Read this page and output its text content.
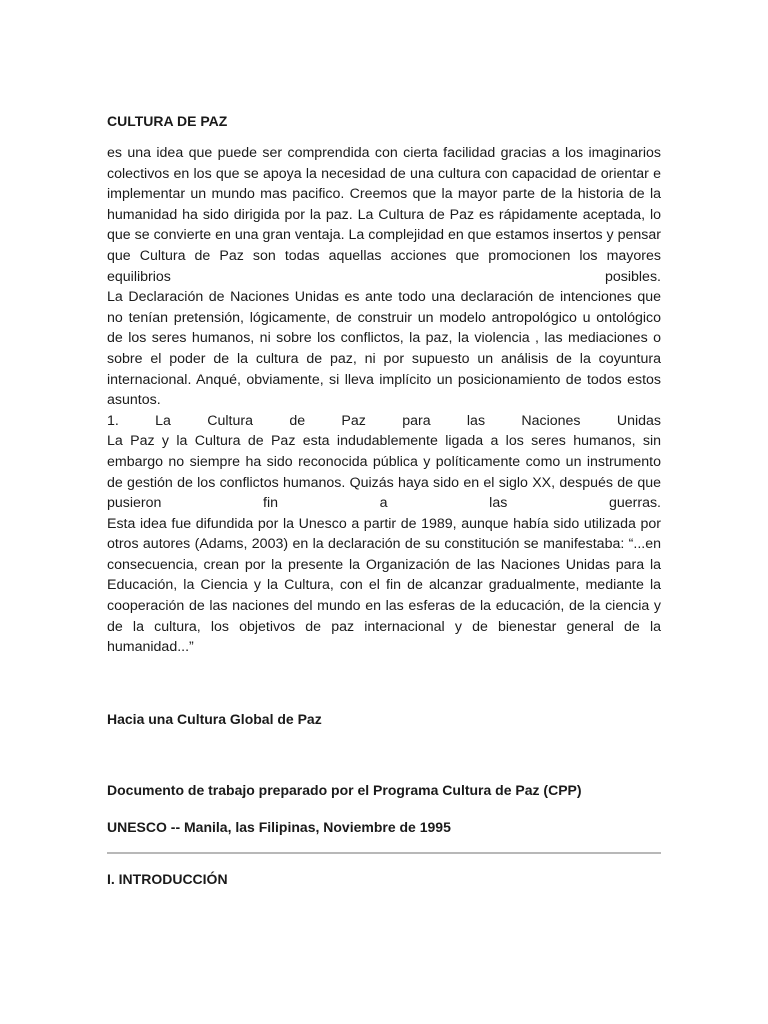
CULTURA DE PAZ
es una idea que puede ser comprendida con cierta facilidad gracias a los imaginarios colectivos en los que se apoya la necesidad de una cultura con capacidad de orientar e implementar un mundo mas pacifico. Creemos que la mayor parte de la historia de la humanidad ha sido dirigida por la paz. La Cultura de Paz es rápidamente aceptada, lo que se convierte en una gran ventaja. La complejidad en que estamos insertos y pensar que Cultura de Paz son todas aquellas acciones que promocionen los mayores equilibrios posibles.
La Declaración de Naciones Unidas es ante todo una declaración de intenciones que no tenían pretensión, lógicamente, de construir un modelo antropológico u ontológico de los seres humanos, ni sobre los conflictos, la paz, la violencia , las mediaciones o sobre el poder de la cultura de paz, ni por supuesto un análisis de la coyuntura internacional. Anqué, obviamente, si lleva implícito un posicionamiento de todos estos asuntos.
1. La Cultura de Paz para las Naciones Unidas
La Paz y la Cultura de Paz esta indudablemente ligada a los seres humanos, sin embargo no siempre ha sido reconocida pública y políticamente como un instrumento de gestión de los conflictos humanos. Quizás haya sido en el siglo XX, después de que pusieron fin a las guerras.
Esta idea fue difundida por la Unesco a partir de 1989, aunque había sido utilizada por otros autores (Adams, 2003) en la declaración de su constitución se manifestaba: “...en consecuencia, crean por la presente la Organización de las Naciones Unidas para la Educación, la Ciencia y la Cultura, con el fin de alcanzar gradualmente, mediante la cooperación de las naciones del mundo en las esferas de la educación, de la ciencia y de la cultura, los objetivos de paz internacional y de bienestar general de la humanidad...”
Hacia una Cultura Global de Paz
Documento de trabajo preparado por el Programa Cultura de Paz (CPP)
UNESCO -- Manila, las Filipinas, Noviembre de 1995
I. INTRODUCCIÓN
